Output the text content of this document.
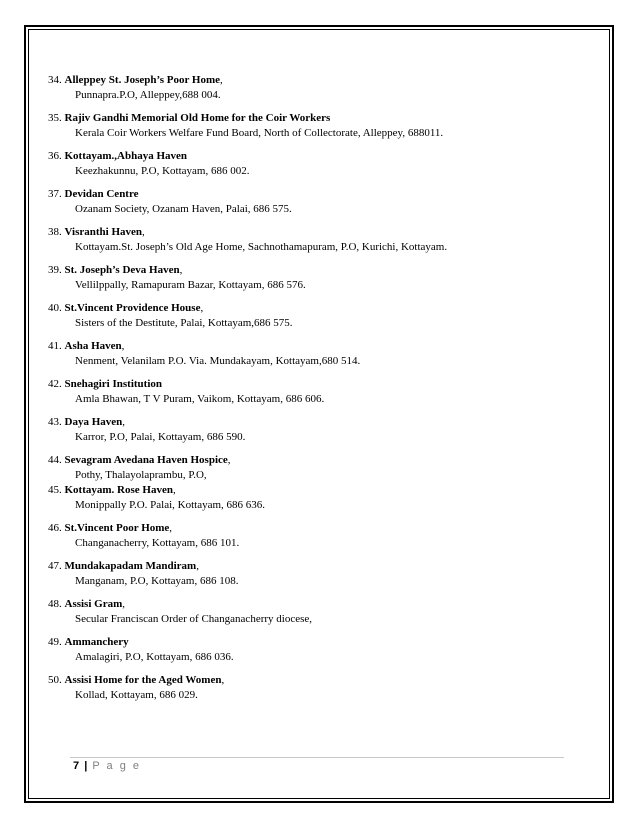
34. Alleppey St. Joseph’s Poor Home,
Punnapra.P.O, Alleppey,688 004.
35. Rajiv Gandhi Memorial Old Home for the Coir Workers
Kerala Coir Workers Welfare Fund Board, North of Collectorate, Alleppey, 688011.
36. Kottayam.,Abhaya Haven
Keezhakunnu, P.O, Kottayam, 686 002.
37. Devidan Centre
Ozanam Society, Ozanam Haven, Palai, 686 575.
38. Visranthi Haven,
Kottayam.St. Joseph’s Old Age Home, Sachnothamapuram, P.O, Kurichi, Kottayam.
39. St. Joseph’s Deva Haven,
Vellilppally, Ramapuram Bazar, Kottayam, 686 576.
40. St.Vincent Providence House,
Sisters of the Destitute, Palai, Kottayam,686 575.
41. Asha Haven,
Nenment, Velanilam P.O. Via. Mundakayam, Kottayam,680 514.
42. Snehagiri Institution
Amla Bhawan, T V Puram, Vaikom, Kottayam, 686 606.
43. Daya Haven,
Karror, P.O, Palai, Kottayam, 686 590.
44. Sevagram Avedana Haven Hospice,
Pothy, Thalayolaprambu, P.O,
45. Kottayam. Rose Haven,
Monippally P.O. Palai, Kottayam, 686 636.
46. St.Vincent Poor Home,
Changanacherry, Kottayam, 686 101.
47. Mundakapadam Mandiram,
Manganam, P.O, Kottayam, 686 108.
48. Assisi Gram,
Secular Franciscan Order of Changanacherry diocese,
49. Ammanchery
Amalagiri, P.O, Kottayam, 686 036.
50. Assisi Home for the Aged Women,
Kollad, Kottayam, 686 029.
7 | P a g e
